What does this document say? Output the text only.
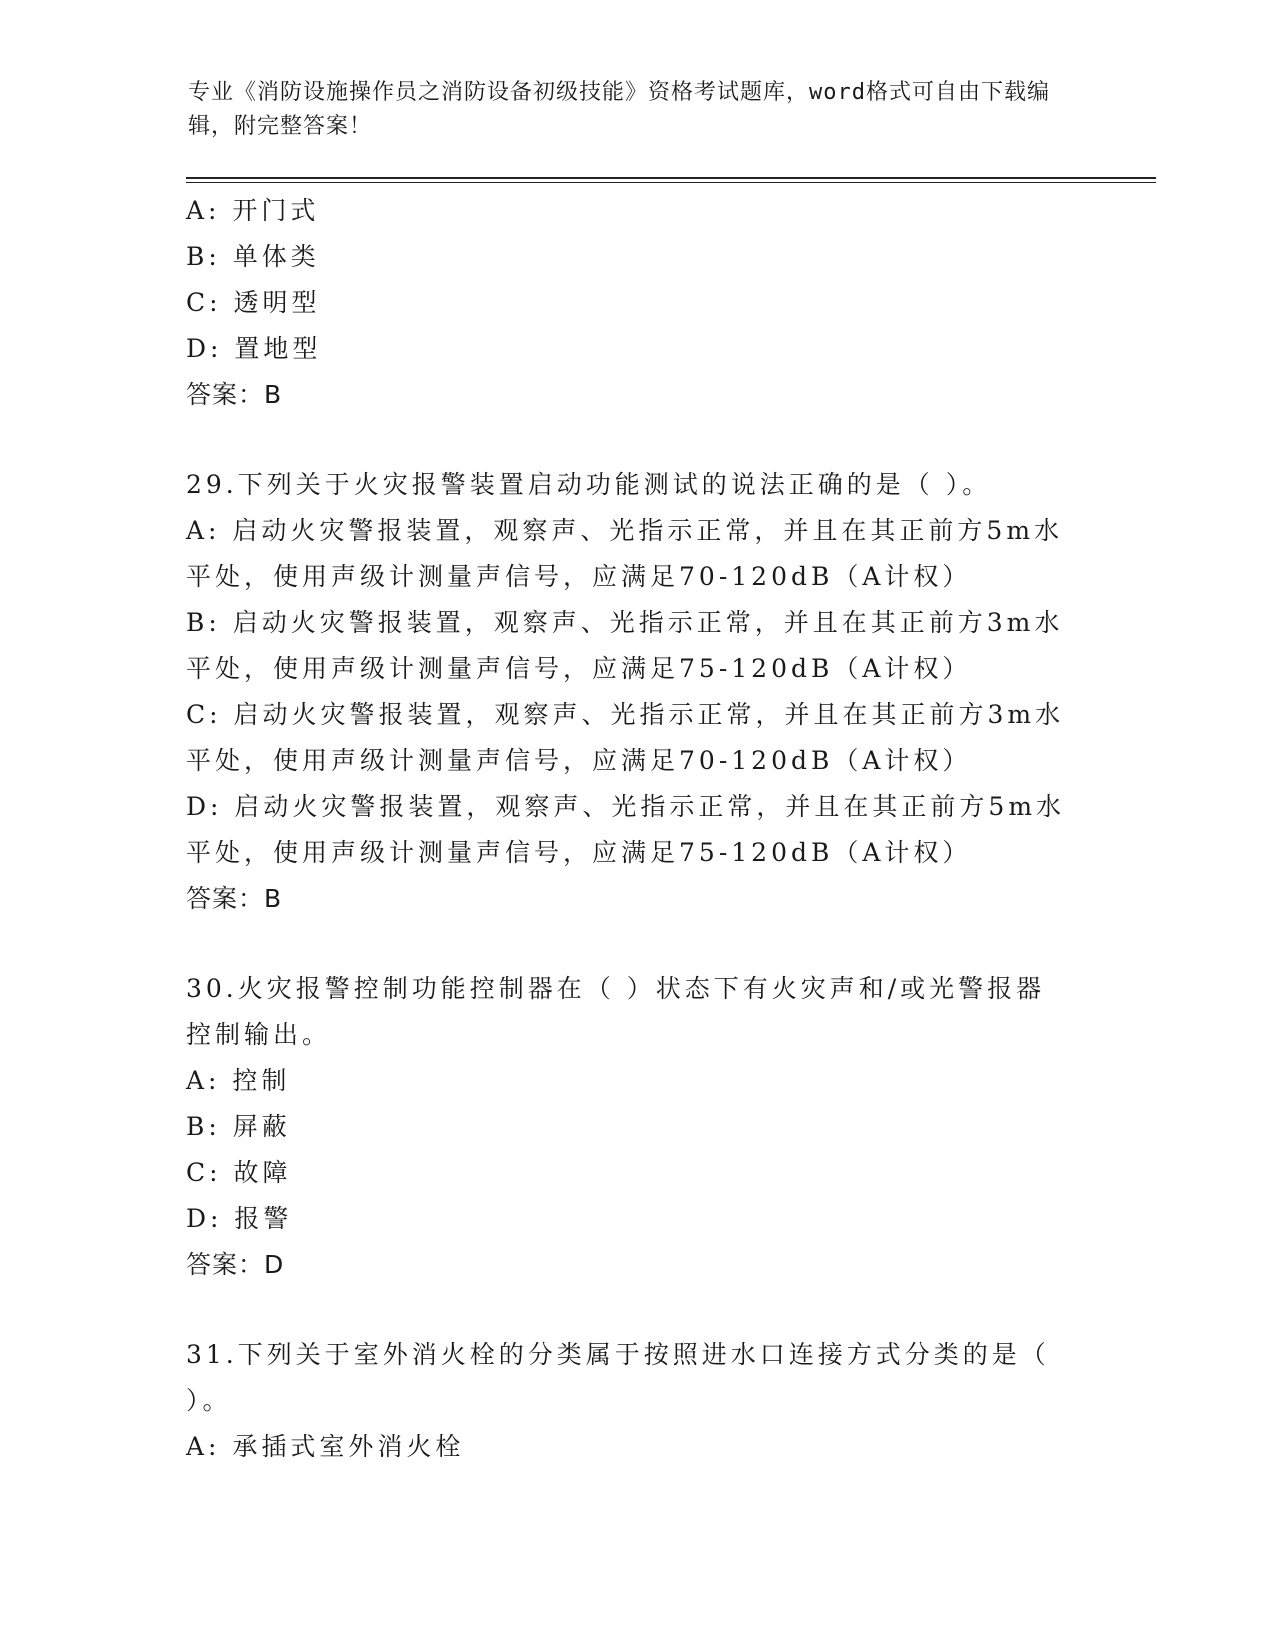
专业《消防设施操作员之消防设备初级技能》资格考试题库，word格式可自由下载编辑，附完整答案！
A: 开门式
B: 单体类
C: 透明型
D: 置地型
答案：B
29.下列关于火灾报警装置启动功能测试的说法正确的是（ ）。
A: 启动火灾警报装置，观察声、光指示正常，并且在其正前方5m水
平处，使用声级计测量声信号，应满足70-120dB（A计权）
B: 启动火灾警报装置，观察声、光指示正常，并且在其正前方3m水
平处，使用声级计测量声信号，应满足75-120dB（A计权）
C: 启动火灾警报装置，观察声、光指示正常，并且在其正前方3m水
平处，使用声级计测量声信号，应满足70-120dB（A计权）
D: 启动火灾警报装置，观察声、光指示正常，并且在其正前方5m水
平处，使用声级计测量声信号，应满足75-120dB（A计权）
答案：B
30.火灾报警控制功能控制器在（ ）状态下有火灾声和/或光警报器
控制输出。
A: 控制
B: 屏蔽
C: 故障
D: 报警
答案：D
31.下列关于室外消火栓的分类属于按照进水口连接方式分类的是（
）。
A: 承插式室外消火栓
